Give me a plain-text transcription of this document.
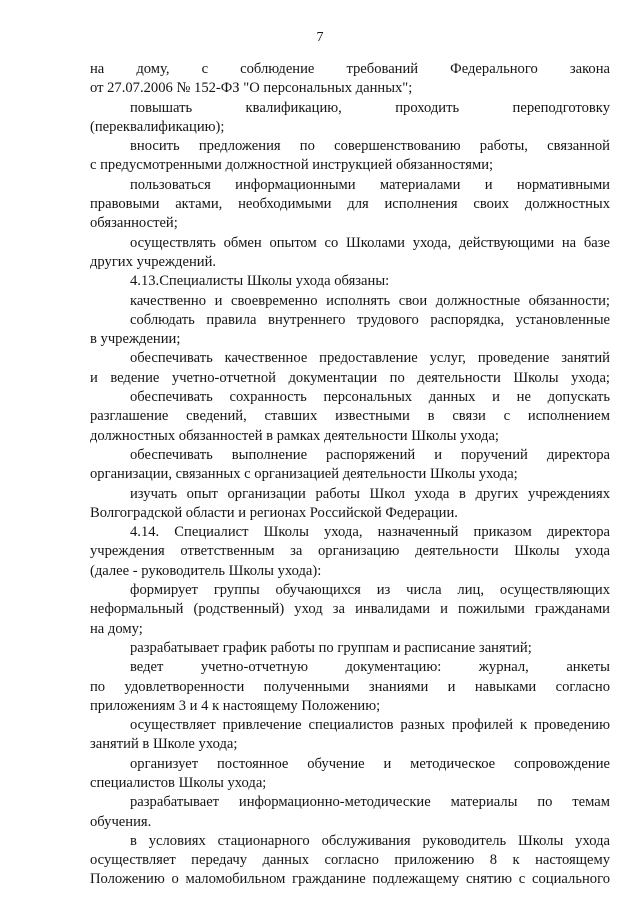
7
на дому, с соблюдение требований Федерального закона
от 27.07.2006 № 152-ФЗ "О персональных данных";
повышать квалификацию, проходить переподготовку
(переквалификацию);
вносить предложения по совершенствованию работы, связанной
с предусмотренными должностной инструкцией обязанностями;
пользоваться информационными материалами и нормативными
правовыми актами, необходимыми для исполнения своих должностных
обязанностей;
осуществлять обмен опытом со Школами ухода, действующими на базе
других учреждений.
4.13.Специалисты Школы ухода обязаны:
качественно и своевременно исполнять свои должностные обязанности;
соблюдать правила внутреннего трудового распорядка, установленные
в учреждении;
обеспечивать качественное предоставление услуг, проведение занятий
и ведение учетно-отчетной документации по деятельности Школы ухода;
обеспечивать сохранность персональных данных и не допускать
разглашение сведений, ставших известными в связи с исполнением
должностных обязанностей в рамках деятельности Школы ухода;
обеспечивать выполнение распоряжений и поручений директора
организации, связанных с организацией деятельности Школы ухода;
изучать опыт организации работы Школ ухода в других учреждениях
Волгоградской области и регионах Российской Федерации.
4.14. Специалист Школы ухода, назначенный приказом директора
учреждения ответственным за организацию деятельности Школы ухода
(далее - руководитель Школы ухода):
формирует группы обучающихся из числа лиц, осуществляющих
неформальный (родственный) уход за инвалидами и пожилыми гражданами
на дому;
разрабатывает график работы по группам и расписание занятий;
ведет учетно-отчетную документацию: журнал, анкеты
по удовлетворенности полученными знаниями и навыками согласно
приложениям 3 и 4 к настоящему Положению;
осуществляет привлечение специалистов разных профилей к проведению
занятий в Школе ухода;
организует постоянное обучение и методическое сопровождение
специалистов Школы ухода;
разрабатывает информационно-методические материалы по темам
обучения.
в условиях стационарного обслуживания руководитель Школы ухода
осуществляет передачу данных согласно приложению 8 к настоящему
Положению о маломобильном гражданине подлежащему снятию с социального
